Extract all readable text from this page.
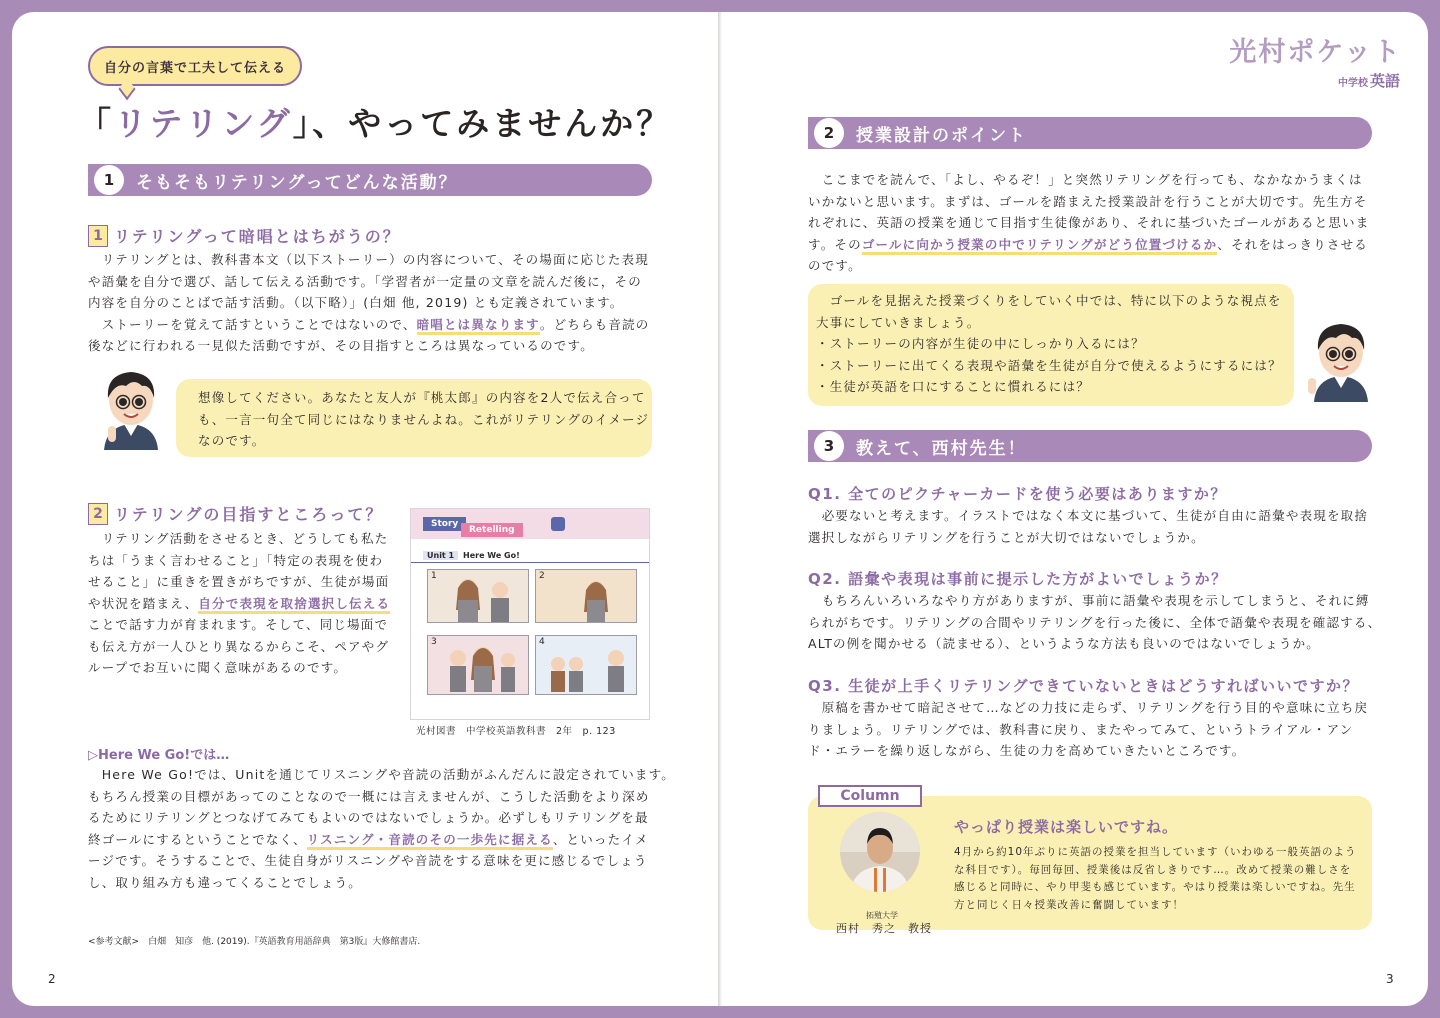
自分の言葉で工夫して伝える
「リテリング」、やってみませんか？
1	そもそもリテリングってどんな活動？
1 リテリングって暗唱とはちがうの？
　リテリングとは、教科書本文（以下ストーリー）の内容について、その場面に応じた表現
や語彙を自分で選び、話して伝える活動です。「学習者が一定量の文章を読んだ後に，その
内容を自分のことばで話す活動。（以下略）」(白畑 他, 2019) とも定義されています。
　ストーリーを覚えて話すということではないので、暗唱とは異なります。どちらも音読の
後などに行われる一見似た活動ですが、その目指すところは異なっているのです。
想像してください。あなたと友人が『桃太郎』の内容を2人で伝え合って
も、一言一句全て同じにはなりませんよね。これがリテリングのイメージ
なのです。
2 リテリングの目指すところって？
　リテリング活動をさせるとき、どうしても私た
ちは「うまく言わせること」「特定の表現を使わ
せること」に重きを置きがちですが、生徒が場面
や状況を踏まえ、自分で表現を取捨選択し伝える
ことで話す力が育まれます。そして、同じ場面で
も伝え方が一人ひとり異なるからこそ、ペアやグ
ループでお互いに聞く意味があるのです。
Story
Retelling
Unit 1	Here We Go!
1	2
3	4
光村図書　中学校英語教科書　2年　p. 123
▷Here We Go!では…
　Here We Go!では、Unitを通じてリスニングや音読の活動がふんだんに設定されています。
もちろん授業の目標があってのことなので一概には言えませんが、こうした活動をより深め
るためにリテリングとつなげてみてもよいのではないでしょうか。必ずしもリテリングを最
終ゴールにするということでなく、リスニング・音読のその一歩先に据える、といったイメ
ージです。そうすることで、生徒自身がリスニングや音読をする意味を更に感じるでしょう
し、取り組み方も違ってくることでしょう。
<参考文献>　白畑　知彦　他. (2019).『英語教育用語辞典　第3版』大修館書店.
2
光村ポケット
中学校 英語
2	授業設計のポイント
　ここまでを読んで、「よし、やるぞ！」と突然リテリングを行っても、なかなかうまくは
いかないと思います。まずは、ゴールを踏まえた授業設計を行うことが大切です。先生方そ
れぞれに、英語の授業を通じて目指す生徒像があり、それに基づいたゴールがあると思いま
す。そのゴールに向かう授業の中でリテリングがどう位置づけるか、それをはっきりさせる
のです。
　ゴールを見据えた授業づくりをしていく中では、特に以下のような視点を
大事にしていきましょう。
・ストーリーの内容が生徒の中にしっかり入るには？
・ストーリーに出てくる表現や語彙を生徒が自分で使えるようにするには？
・生徒が英語を口にすることに慣れるには？
3	教えて、西村先生！
Q1. 全てのピクチャーカードを使う必要はありますか？
　必要ないと考えます。イラストではなく本文に基づいて、生徒が自由に語彙や表現を取捨
選択しながらリテリングを行うことが大切ではないでしょうか。
Q2. 語彙や表現は事前に提示した方がよいでしょうか？
　もちろんいろいろなやり方がありますが、事前に語彙や表現を示してしまうと、それに縛
られがちです。リテリングの合間やリテリングを行った後に、全体で語彙や表現を確認する、
ALTの例を聞かせる（読ませる）、というような方法も良いのではないでしょうか。
Q3. 生徒が上手くリテリングできていないときはどうすればいいですか？
　原稿を書かせて暗記させて…などの力技に走らず、リテリングを行う目的や意味に立ち戻
りましょう。リテリングでは、教科書に戻り、またやってみて、というトライアル・アン
ド・エラーを繰り返しながら、生徒の力を高めていきたいところです。
拓殖大学
西村　秀之　教授
やっぱり授業は楽しいですね。
4月から約10年ぶりに英語の授業を担当しています（いわゆる一般英語のよう
な科目です）。毎回毎回、授業後は反省しきりです…。改めて授業の難しさを
感じると同時に、やり甲斐も感じています。やはり授業は楽しいですね。先生
方と同じく日々授業改善に奮闘しています！
Column
3
